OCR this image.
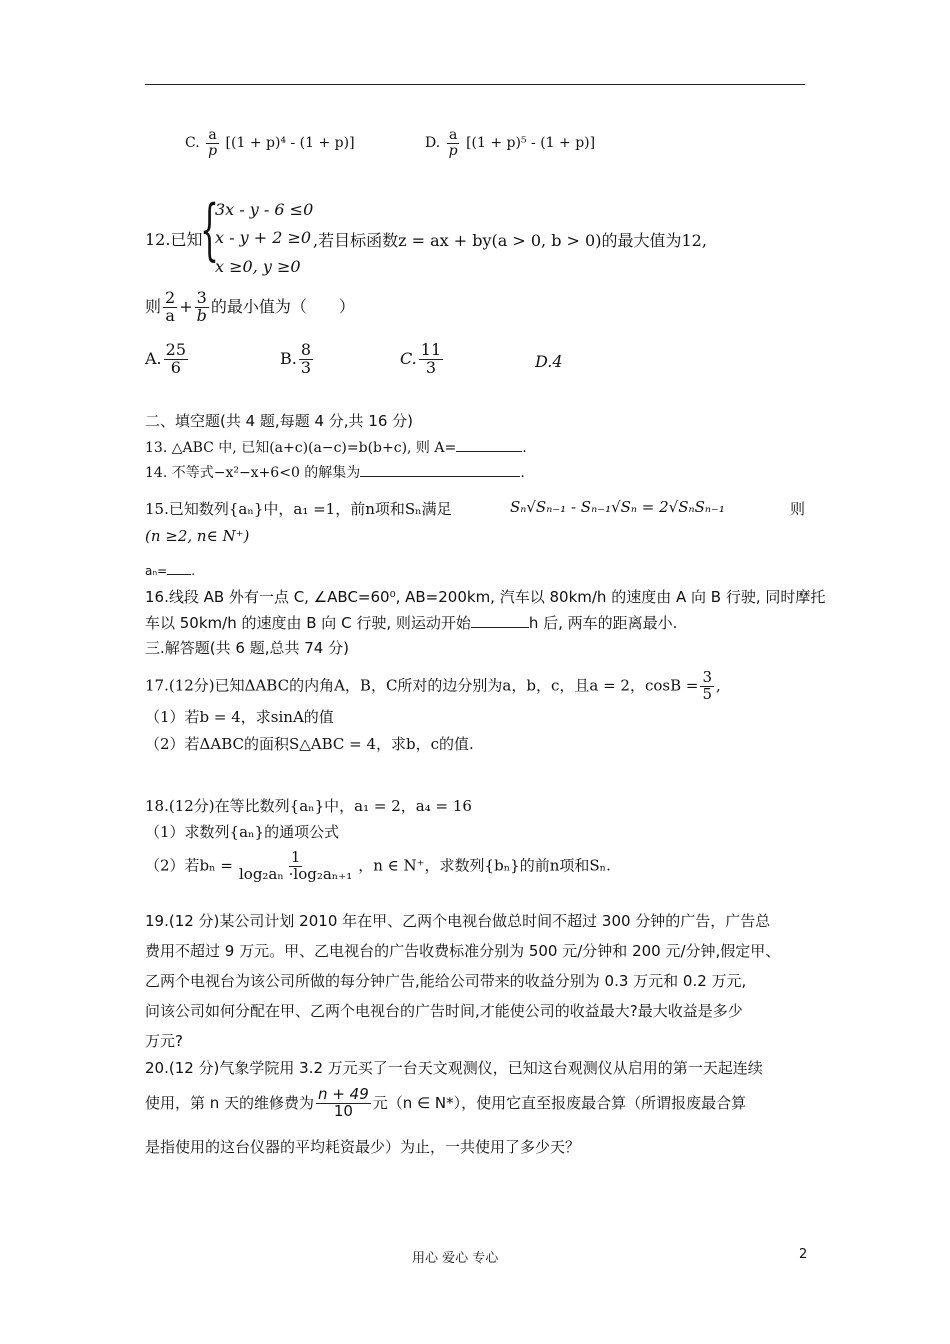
C. $\frac{a}{p} [(1 + p)^4 - (1 + p)]$	D. $\frac{a}{p} [(1 + p)^5 - (1 + p)]$
12.已知
{
3x - y - 6 ≤0
x - y + 2 ≥0
x ≥0, y ≥0
,若目标函数z = ax + by(a > 0, b > 0)的最大值为12,
则 $\frac{2}{a} + \frac{3}{b}$ 的最小值为（　　）
A. $\frac{25}{6}$	B. $\frac{8}{3}$	C. $\frac{11}{3}$	D.4
二、填空题(共 4 题,每题 4 分,共 16 分)
13. △ABC 中, 已知(a+c)(a−c)=b(b+c), 则 A=	.
14. 不等式−x²−x+6<0 的解集为	.
15.已知数列{aₙ}中，a₁ =1，前n项和Sₙ满足	Sₙ√Sₙ₋₁ - Sₙ₋₁√Sₙ = 2√SₙSₙ₋₁	则
(n ≥2, n∈ N⁺)
aₙ= .
16.线段 AB 外有一点 C, ∠ABC=60⁰, AB=200km, 汽车以 80km/h 的速度由 A 向 B 行驶, 同时摩托
车以 50km/h 的速度由 B 向 C 行驶, 则运动开始	h 后, 两车的距离最小.
三.解答题(共 6 题,总共 74 分)
17.(12分)已知ΔABC的内角A，B，C所对的边分别为a，b，c，且a = 2，$\cos B = \frac{3}{5}$ ,
（1）若b = 4，求sinA的值
（2）若ΔABC的面积S△ABC = 4，求b，c的值.
18.(12分)在等比数列{aₙ}中，a₁ = 2，a₄ = 16
（1）求数列{aₙ}的通项公式
（2）若$b_n = \frac{1}{\text{log₂aₙ ·log₂aₙ₊₁}}$ ，n ∈ N⁺，求数列{bₙ}的前n项和Sₙ.
19.(12 分)某公司计划 2010 年在甲、乙两个电视台做总时间不超过 300 分钟的广告，广告总
费用不超过 9 万元。甲、乙电视台的广告收费标准分别为 500 元/分钟和 200 元/分钟,假定甲、
乙两个电视台为该公司所做的每分钟广告,能给公司带来的收益分别为 0.3 万元和 0.2 万元,
问该公司如何分配在甲、乙两个电视台的广告时间,才能使公司的收益最大?最大收益是多少
万元?
20.(12 分)气象学院用 3.2 万元买了一台天文观测仪，已知这台观测仪从启用的第一天起连续
使用，第 n 天的维修费为 $\frac{n + 49}{10}$ 元（n ∈ N*），使用它直至报废最合算（所谓报废最合算
是指使用的这台仪器的平均耗资最少）为止，一共使用了多少天？
用心 爱心 专心	2
